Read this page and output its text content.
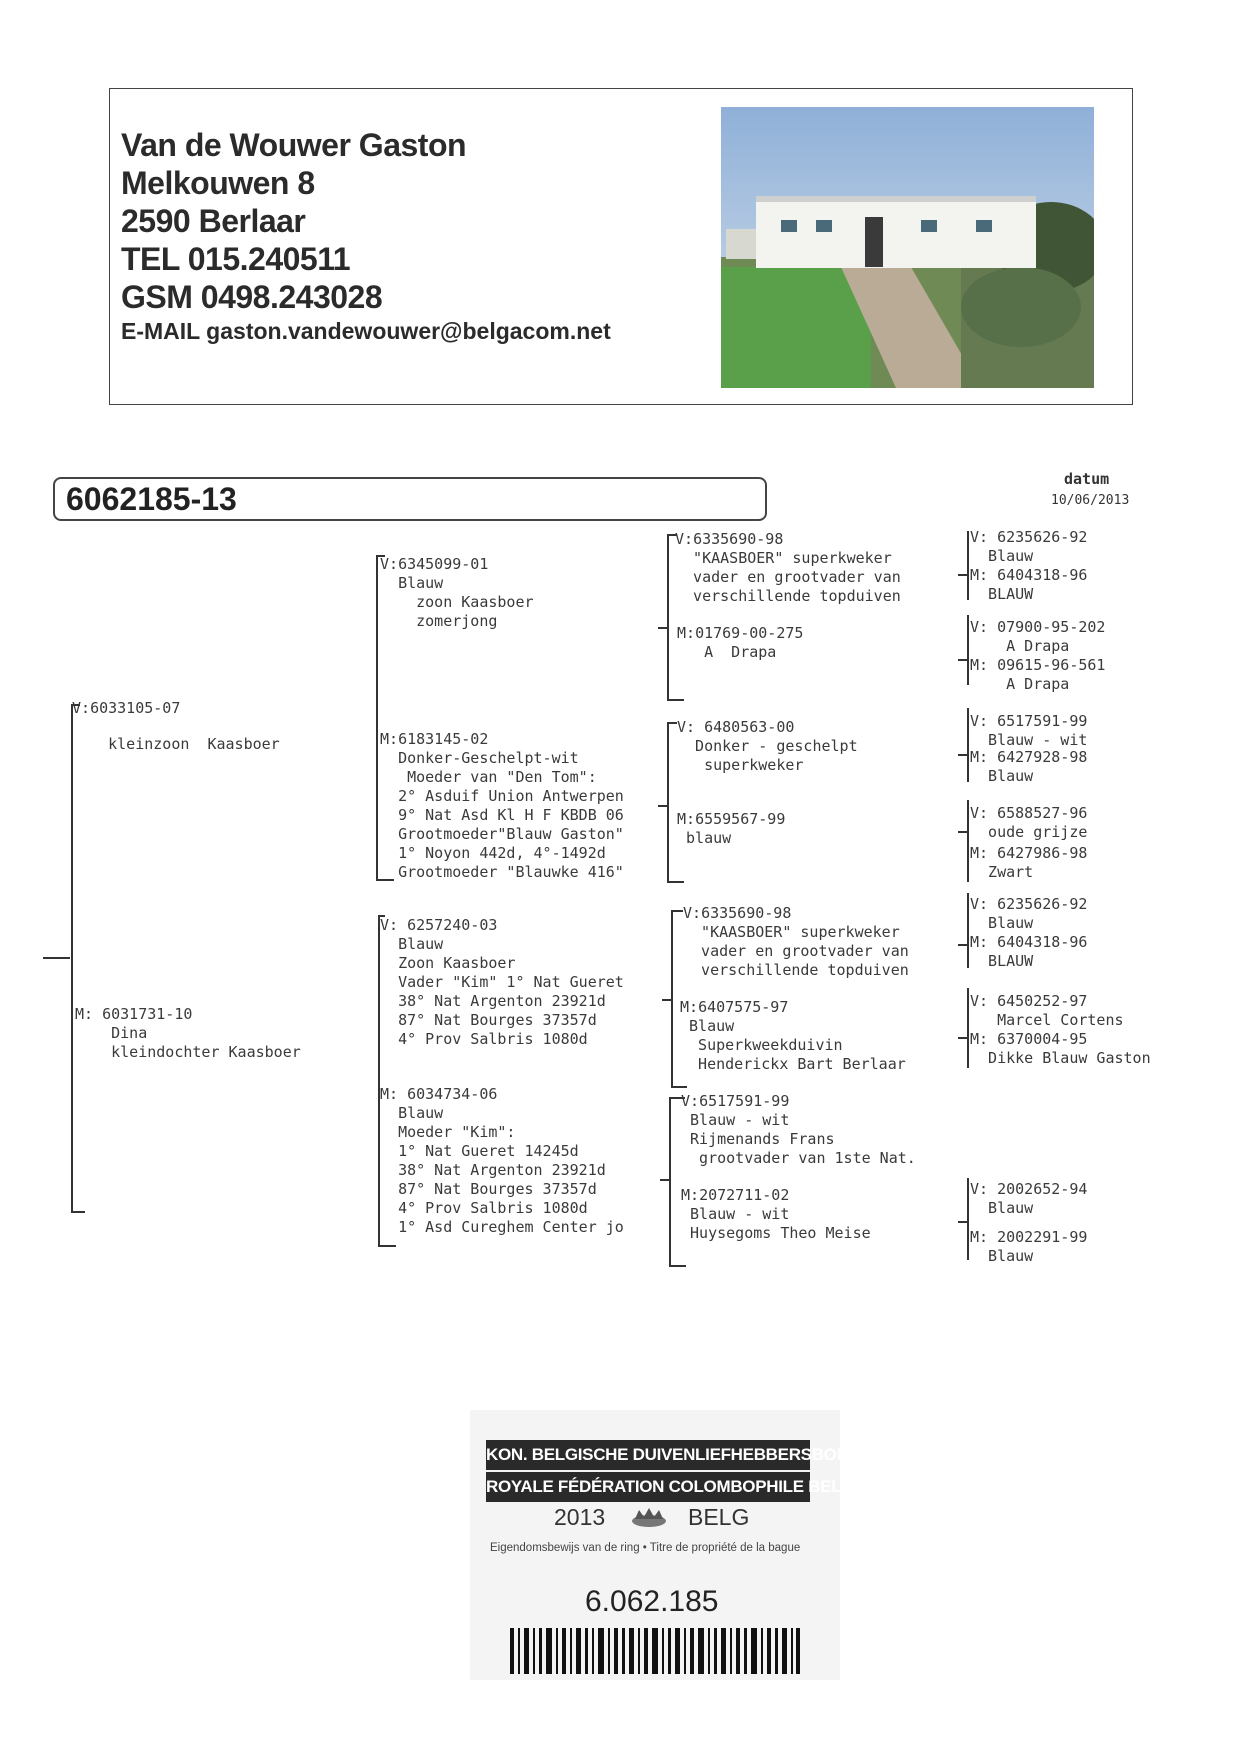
Van de Wouwer Gaston
Melkouwen 8
2590 Berlaar
TEL 015.240511
GSM 0498.243028
E-MAIL gaston.vandewouwer@belgacom.net
6062185-13
datum
10/06/2013
V:6033105-07
kleinzoon  Kaasboer
M: 6031731-10
Dina
kleindochter Kaasboer
V:6345099-01
Blauw
zoon Kaasboer
zomerjong
M:6183145-02
Donker-Geschelpt-wit
Moeder van "Den Tom":
2° Asduif Union Antwerpen
9° Nat Asd Kl H F KBDB 06
Grootmoeder"Blauw Gaston"
1° Noyon 442d, 4°-1492d
Grootmoeder "Blauwke 416"
V: 6257240-03
Blauw
Zoon Kaasboer
Vader "Kim" 1° Nat Gueret
38° Nat Argenton 23921d
87° Nat Bourges 37357d
4° Prov Salbris 1080d
M: 6034734-06
Blauw
Moeder "Kim":
1° Nat Gueret 14245d
38° Nat Argenton 23921d
87° Nat Bourges 37357d
4° Prov Salbris 1080d
1° Asd Cureghem Center jo
V:6335690-98
"KAASBOER" superkweker
vader en grootvader van
verschillende topduiven
M:01769-00-275
A  Drapa
V: 6480563-00
Donker - geschelpt
superkweker
M:6559567-99
blauw
V:6335690-98
"KAASBOER" superkweker
vader en grootvader van
verschillende topduiven
M:6407575-97
Blauw
Superkweekduivin
Henderickx Bart Berlaar
V:6517591-99
Blauw - wit
Rijmenands Frans
grootvader van 1ste Nat.
M:2072711-02
Blauw - wit
Huysegoms Theo Meise
V: 6235626-92
Blauw
M: 6404318-96
BLAUW
V: 07900-95-202
A Drapa
M: 09615-96-561
A Drapa
V: 6517591-99
Blauw - wit
M: 6427928-98
Blauw
V: 6588527-96
oude grijze
M: 6427986-98
Zwart
V: 6235626-92
Blauw
M: 6404318-96
BLAUW
V: 6450252-97
Marcel Cortens
M: 6370004-95
Dikke Blauw Gaston
V: 2002652-94
Blauw
M: 2002291-99
Blauw
KON. BELGISCHE DUIVENLIEFHEBBERSBOND
ROYALE FÉDÉRATION COLOMBOPHILE BELGE
2013	BELG
Eigendomsbewijs van de ring • Titre de propriété de la bague
6.062.185
